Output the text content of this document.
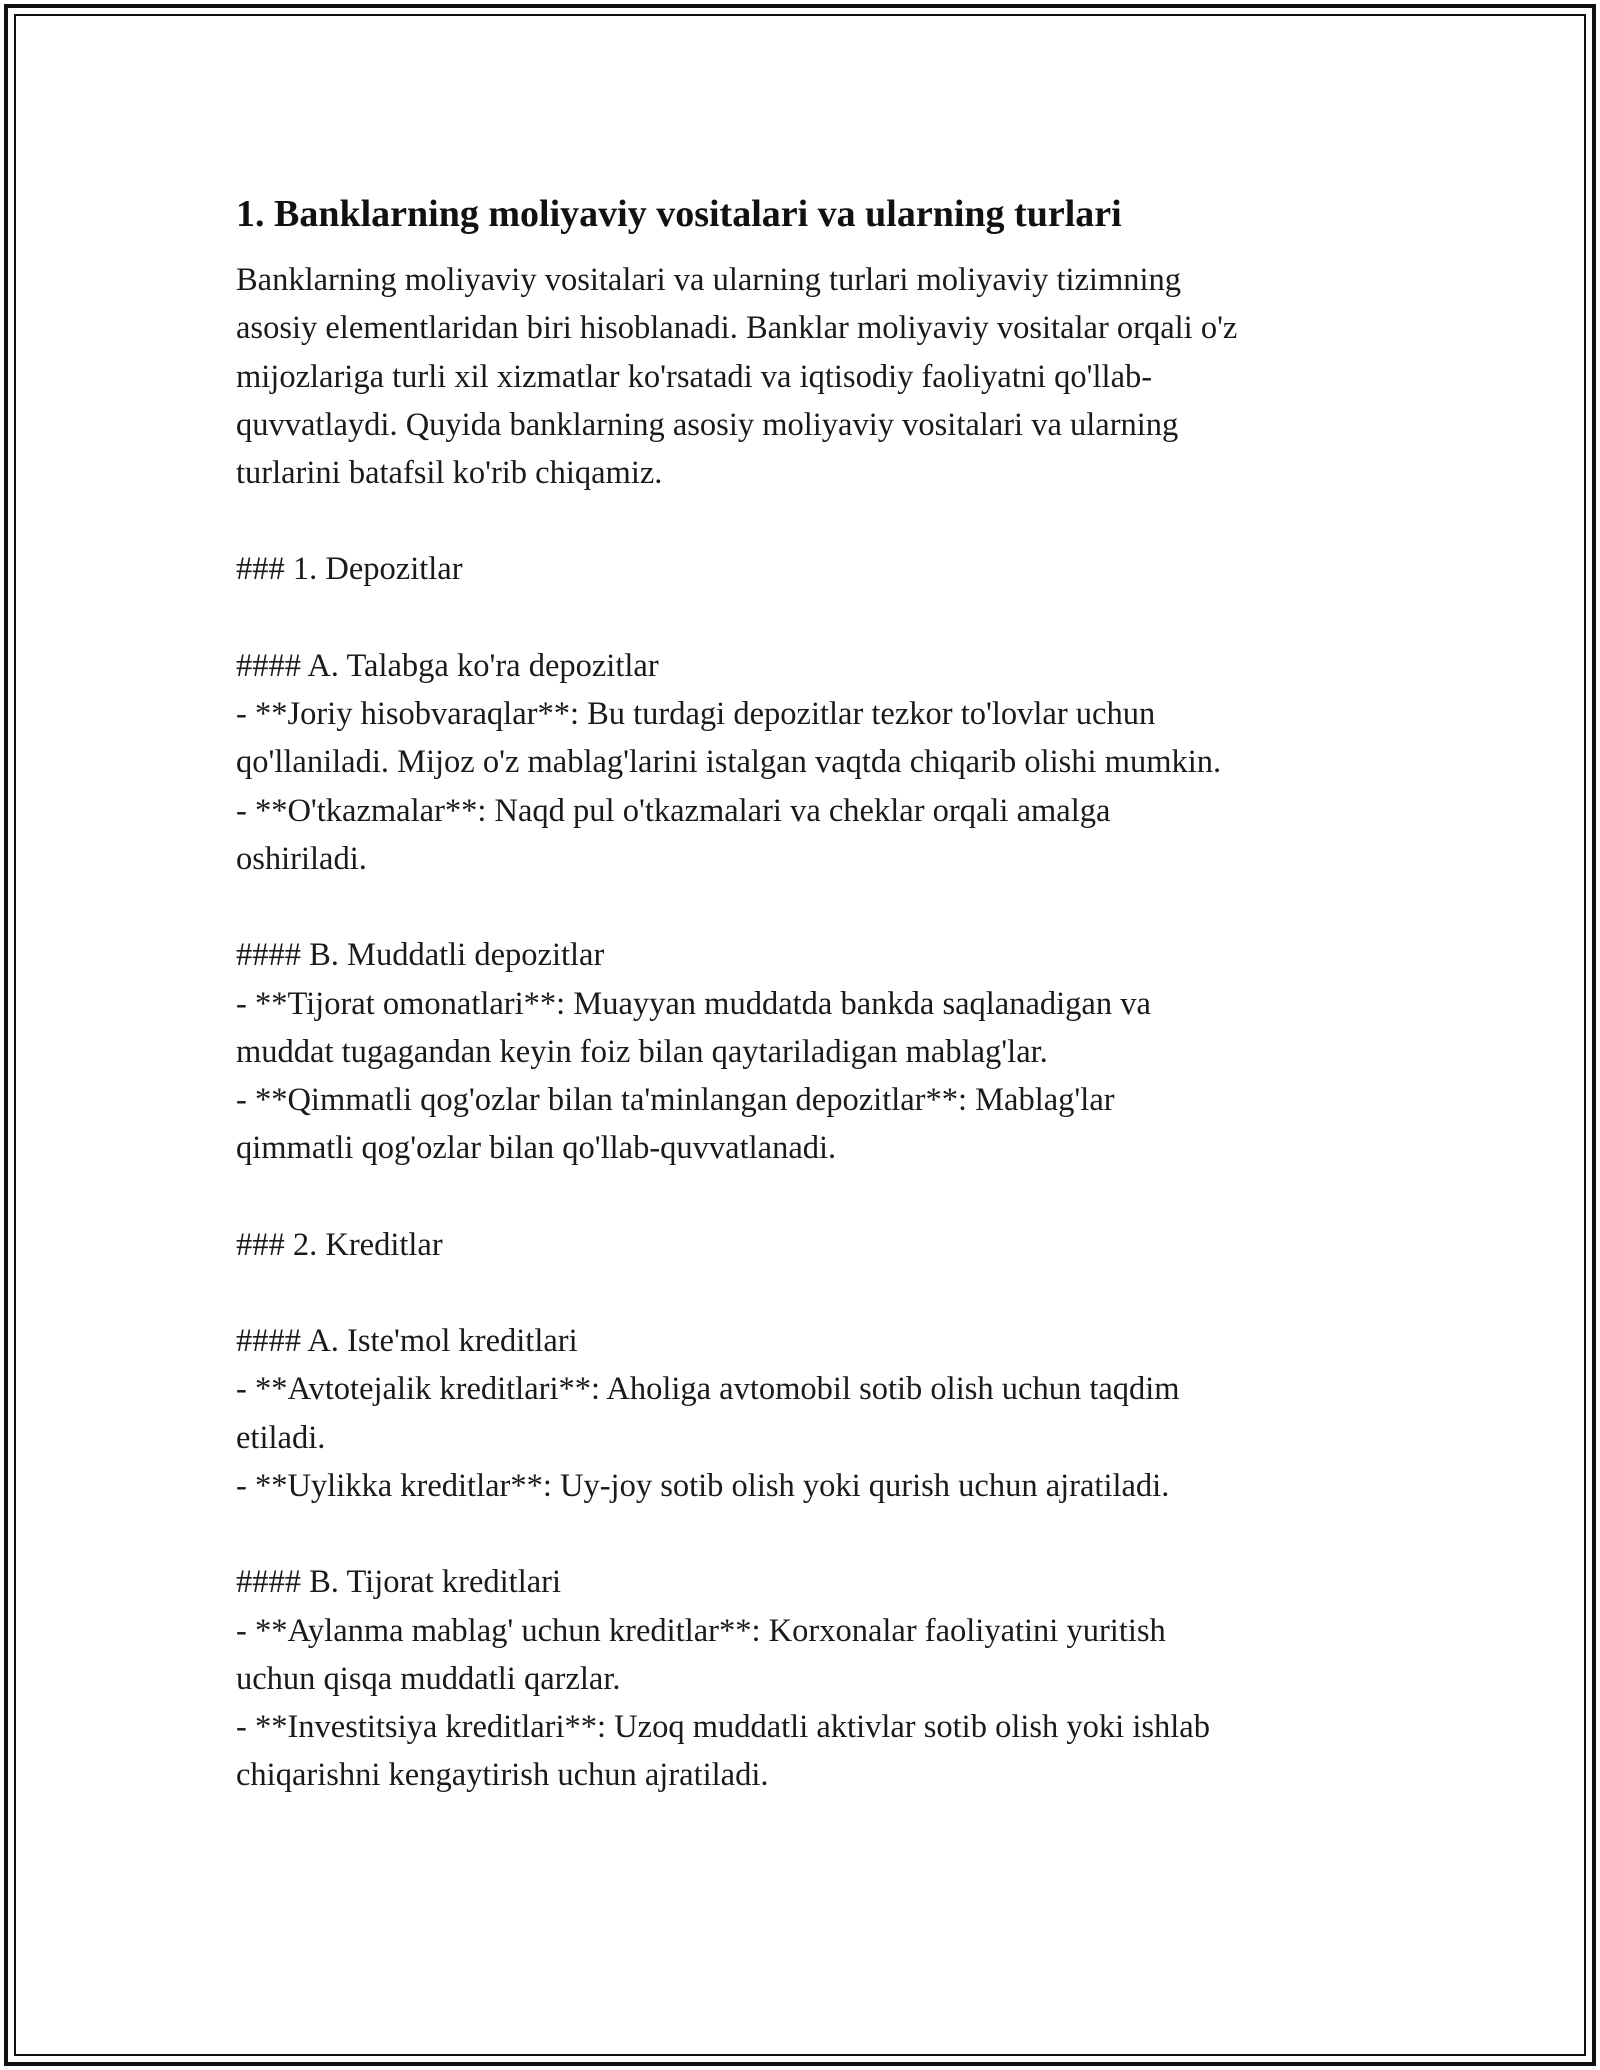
1. Banklarning moliyaviy vositalari va ularning turlari
Banklarning moliyaviy vositalari va ularning turlari moliyaviy tizimning
asosiy elementlaridan biri hisoblanadi. Banklar moliyaviy vositalar orqali o'z
mijozlariga turli xil xizmatlar ko'rsatadi va iqtisodiy faoliyatni qo'llab-
quvvatlaydi. Quyida banklarning asosiy moliyaviy vositalari va ularning
turlarini batafsil ko'rib chiqamiz.
### 1. Depozitlar
#### A. Talabga ko'ra depozitlar
- **Joriy hisobvaraqlar**: Bu turdagi depozitlar tezkor to'lovlar uchun
qo'llaniladi. Mijoz o'z mablag'larini istalgan vaqtda chiqarib olishi mumkin.
- **O'tkazmalar**: Naqd pul o'tkazmalari va cheklar orqali amalga
oshiriladi.
#### B. Muddatli depozitlar
- **Tijorat omonatlari**: Muayyan muddatda bankda saqlanadigan va
muddat tugagandan keyin foiz bilan qaytariladigan mablag'lar.
- **Qimmatli qog'ozlar bilan ta'minlangan depozitlar**: Mablag'lar
qimmatli qog'ozlar bilan qo'llab-quvvatlanadi.
### 2. Kreditlar
#### A. Iste'mol kreditlari
- **Avtotejalik kreditlari**: Aholiga avtomobil sotib olish uchun taqdim
etiladi.
- **Uylikka kreditlar**: Uy-joy sotib olish yoki qurish uchun ajratiladi.
#### B. Tijorat kreditlari
- **Aylanma mablag' uchun kreditlar**: Korxonalar faoliyatini yuritish
uchun qisqa muddatli qarzlar.
- **Investitsiya kreditlari**: Uzoq muddatli aktivlar sotib olish yoki ishlab
chiqarishni kengaytirish uchun ajratiladi.
